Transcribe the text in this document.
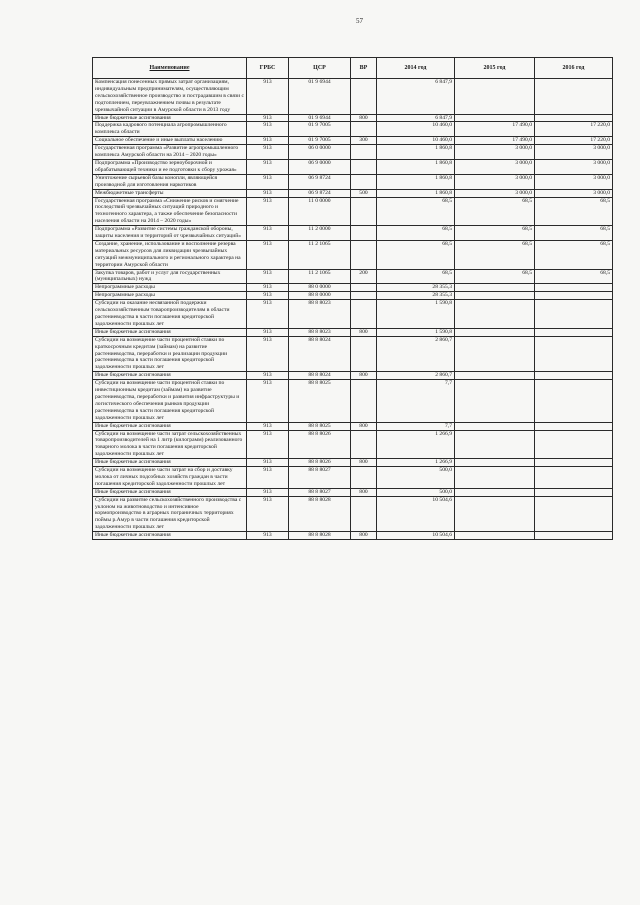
57
Наименование	ГРБС	ЦСР	ВР	2014 год	2015 год	2016 год
Компенсация понесенных прямых затрат организациям, индивидуальным предпринимателям, осуществляющим сельскохозяйственное производство и пострадавшим в связи с подтоплением, переувлажнением почвы в результате чрезвычайной ситуации в Амурской области в 2013 году	913	01 9 6944		6 847,9		
Иные бюджетные ассигнования	913	01 9 6944	800	6 847,9		
Поддержка кадрового потенциала агропромышленного комплекса области	913	01 9 7005		10 460,0	17 490,0	17 220,0
Социальное обеспечение и иные выплаты населению	913	01 9 7005	300	10 460,0	17 490,0	17 220,0
Государственная программа «Развитие агропромышленного комплекса Амурской области на 2014 – 2020 годы»	913	06 0 0000		1 860,8	3 000,0	3 000,0
Подпрограмма «Производство зерноуборочной и обрабатывающей техники и ее подготовки к сбору урожая»	913	06 9 0000		1 860,8	3 000,0	3 000,0
Уничтожение сырьевой базы конопли, являющейся производной для изготовления наркотиков	913	06 9 8724		1 860,8	3 000,0	3 000,0
Межбюджетные трансферты	913	06 9 8724	500	1 860,8	3 000,0	3 000,0
Государственная программа «Снижение рисков и смягчение последствий чрезвычайных ситуаций природного и техногенного характера, а также обеспечение безопасности населения области на 2014 – 2020 годы»	913	11 0 0000		68,5	68,5	68,5
Подпрограмма «Развитие системы гражданской обороны, защиты населения и территорий от чрезвычайных ситуаций»	913	11 2 0000		68,5	68,5	68,5
Создание, хранение, использование и восполнение резерва материальных ресурсов для ликвидации чрезвычайных ситуаций межмуниципального и регионального характера на территории Амурской области	913	11 2 1065		68,5	68,5	68,5
Закупка товаров, работ и услуг для государственных (муниципальных) нужд	913	11 2 1065	200	68,5	68,5	68,5
Непрограммные расходы	913	88 0 0000		28 355,3		
Непрограммные расходы	913	88 8 0000		28 355,3		
Субсидии на оказание несвязанной поддержки сельскохозяйственным товаропроизводителям в области растениеводства в части погашения кредиторской задолженности прошлых лет	913	88 8 8023		1 590,8		
Иные бюджетные ассигнования	913	88 8 8023	800	1 590,8		
Субсидии на возмещение части процентной ставки по краткосрочным кредитам (займам) на развитие растениеводства, переработки и реализации продукции растениеводства в части погашения кредиторской задолженности прошлых лет	913	88 8 8024		2 860,7		
Иные бюджетные ассигнования	913	88 8 8024	800	2 860,7		
Субсидии на возмещение части процентной ставки по инвестиционным кредитам (займам) на развитие растениеводства, переработки и развития инфраструктуры и логистического обеспечения рынков продукции растениеводства в части погашения кредиторской задолженности прошлых лет	913	88 8 8025		7,7		
Иные бюджетные ассигнования	913	88 8 8025	800	7,7		
Субсидии на возмещение части затрат сельскохозяйственных товаропроизводителей на 1 литр (килограмм) реализованного товарного молока в части погашения кредиторской задолженности прошлых лет	913	88 8 8026		1 266,9		
Иные бюджетные ассигнования	913	88 8 8026	800	1 266,9		
Субсидии на возмещение части затрат на сбор и доставку молока от личных подсобных хозяйств граждан в части погашения кредиторской задолженности прошлых лет	913	88 8 8027		500,0		
Иные бюджетные ассигнования	913	88 8 8027	800	500,0		
Субсидии на развитие сельскохозяйственного производства с уклоном на животноводство и интенсивное кормопроизводство в аграрных пограничных территориях поймы р.Амур в части погашения кредиторской задолженности прошлых лет	913	88 8 8028		10 504,6		
Иные бюджетные ассигнования	913	88 8 8028	800	10 504,6		
